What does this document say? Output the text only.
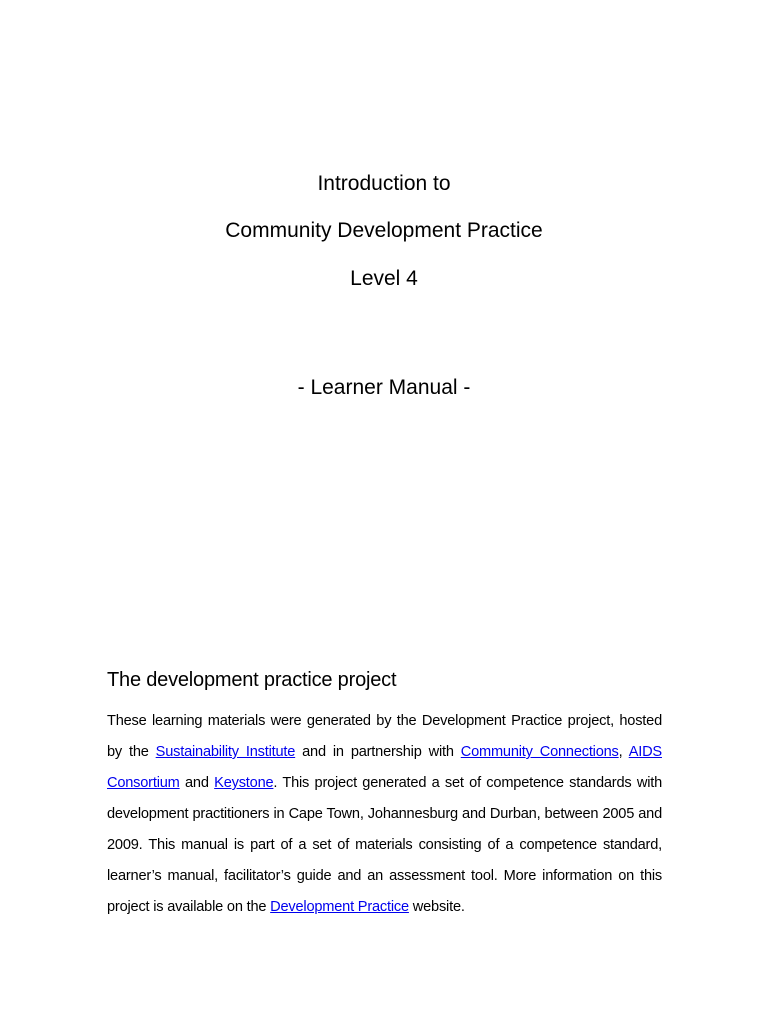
Introduction to
Community Development Practice
Level 4
- Learner Manual -
The development practice project

These learning materials were generated by the Development Practice project, hosted by the Sustainability Institute and in partnership with Community Connections, AIDS Consortium and Keystone. This project generated a set of competence standards with development practitioners in Cape Town, Johannesburg and Durban, between 2005 and 2009. This manual is part of a set of materials consisting of a competence standard, learner’s manual, facilitator’s guide and an assessment tool. More information on this project is available on the Development Practice website.
